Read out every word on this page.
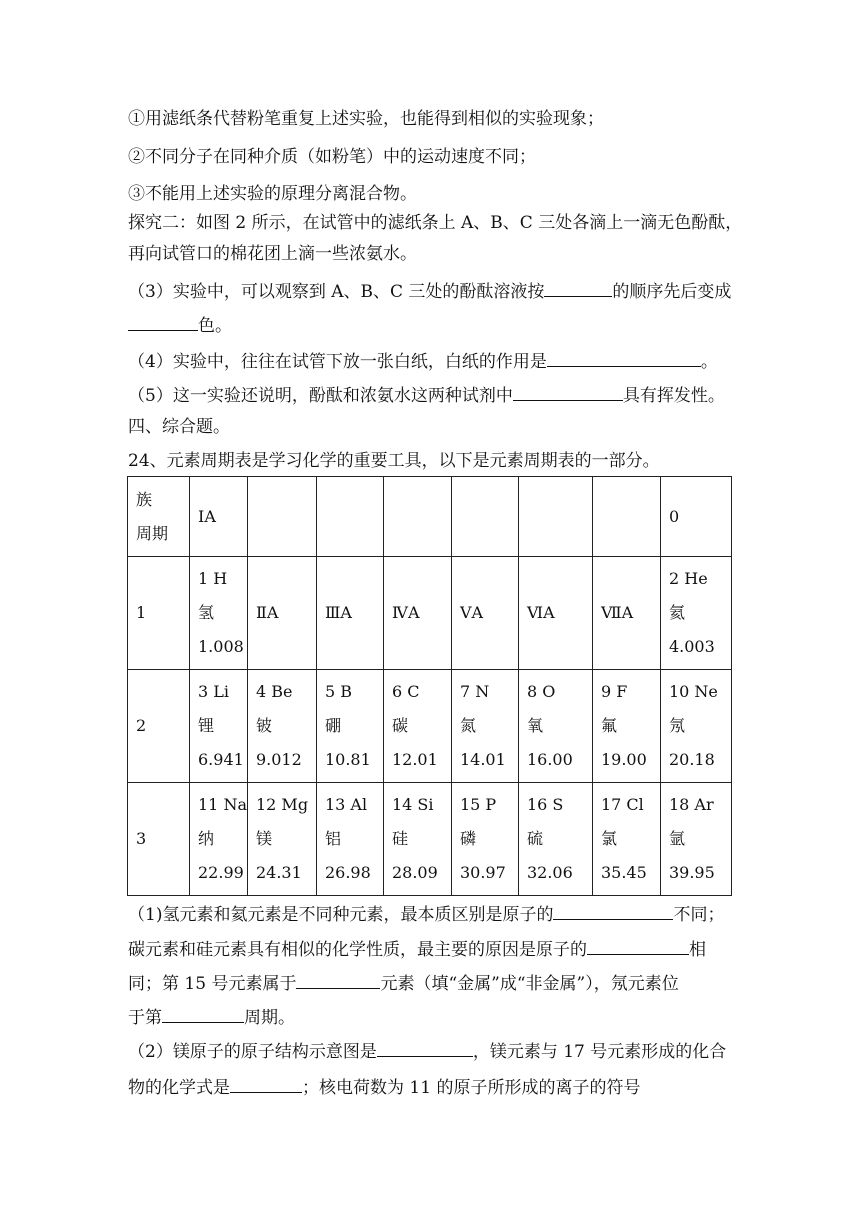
①用滤纸条代替粉笔重复上述实验，也能得到相似的实验现象；
②不同分子在同种介质（如粉笔）中的运动速度不同；
③不能用上述实验的原理分离混合物。
探究二：如图 2 所示，在试管中的滤纸条上 A、B、C 三处各滴上一滴无色酚酞，
再向试管口的棉花团上滴一些浓氨水。
（3）实验中，可以观察到 A、B、C 三处的酚酞溶液按	的顺序先后变成
色。
（4）实验中，往往在试管下放一张白纸，白纸的作用是	。
（5）这一实验还说明，酚酞和浓氨水这两种试剂中	具有挥发性。
四、综合题。
24、元素周期表是学习化学的重要工具，以下是元素周期表的一部分。
族
周期	IA							0
1	1 H
氢
1.008	ⅡA	ⅢA	ⅣA	ⅤA	ⅥA	ⅦA	2 He
氦
4.003

2	3 Li
锂
6.941	4 Be
铍
9.012	5 B
硼
10.81	6 C
碳
12.01	7 N
氮
14.01	8 O
氧
16.00	9 F
氟
19.00	10 Ne
氖
20.18

3	11 Na
纳
22.99	12 Mg
镁
24.31	13 Al
铝
26.98	14 Si
硅
28.09	15 P
磷
30.97	16 S
硫
32.06	17 Cl
氯
35.45	18 Ar
氩
39.95
（1)氢元素和氦元素是不同种元素，最本质区别是原子的	不同；
碳元素和硅元素具有相似的化学性质，最主要的原因是原子的	相
同；第 15 号元素属于	元素（填“金属”成“非金属”），氖元素位
于第	周期。
（2）镁原子的原子结构示意图是	，镁元素与 17 号元素形成的化合
物的化学式是	；核电荷数为 11 的原子所形成的离子的符号
